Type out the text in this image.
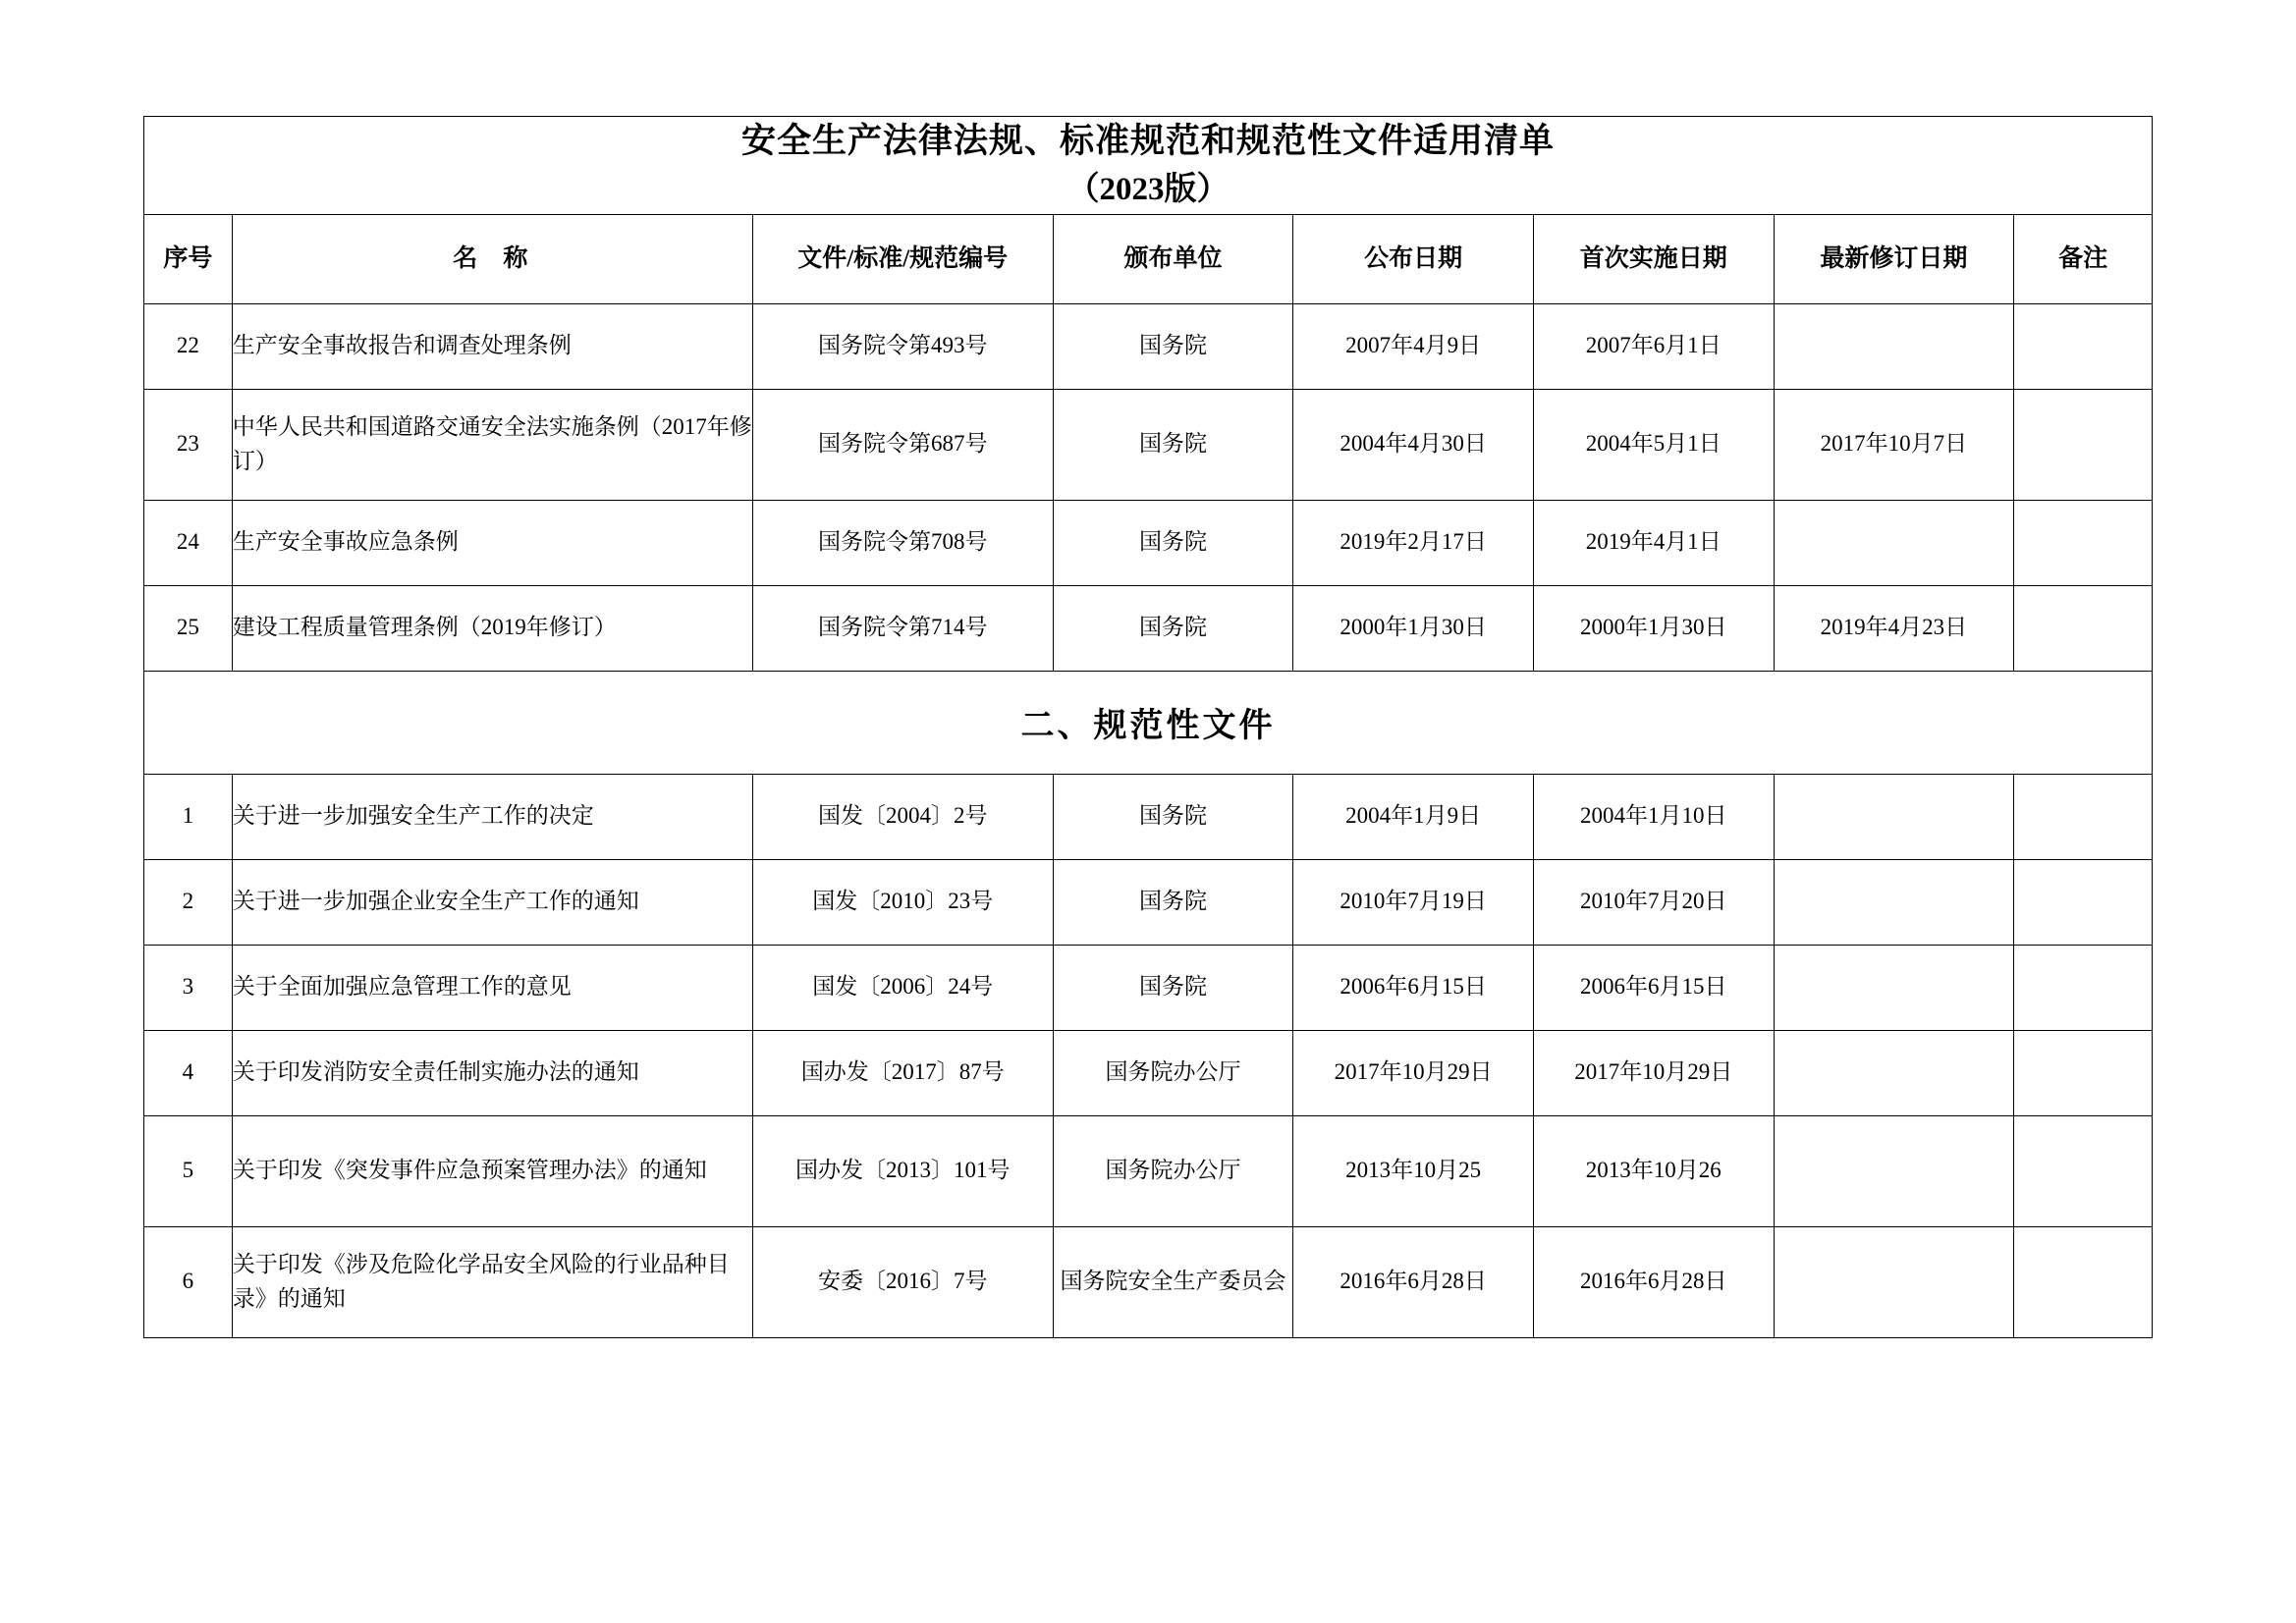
安全生产法律法规、标准规范和规范性文件适用清单
（2023版）							

序号	名 称	文件/标准/规范编号	颁布单位	公布日期	首次实施日期	最新修订日期	备注
22	生产安全事故报告和调查处理条例	国务院令第493号	国务院	2007年4月9日	2007年6月1日		
23	中华人民共和国道路交通安全法实施条例（2017年修订）	国务院令第687号	国务院	2004年4月30日	2004年5月1日	2017年10月7日	
24	生产安全事故应急条例	国务院令第708号	国务院	2019年2月17日	2019年4月1日		
25	建设工程质量管理条例（2019年修订）	国务院令第714号	国务院	2000年1月30日	2000年1月30日	2019年4月23日	
二、规范性文件							
1	关于进一步加强安全生产工作的决定	国发〔2004〕2号	国务院	2004年1月9日	2004年1月10日		
2	关于进一步加强企业安全生产工作的通知	国发〔2010〕23号	国务院	2010年7月19日	2010年7月20日		
3	关于全面加强应急管理工作的意见	国发〔2006〕24号	国务院	2006年6月15日	2006年6月15日		
4	关于印发消防安全责任制实施办法的通知	国办发〔2017〕87号	国务院办公厅	2017年10月29日	2017年10月29日		
5	关于印发《突发事件应急预案管理办法》的通知	国办发〔2013〕101号	国务院办公厅	2013年10月25	2013年10月26		
6	关于印发《涉及危险化学品安全风险的行业品种目录》的通知	安委〔2016〕7号	国务院安全生产委员会	2016年6月28日	2016年6月28日		
